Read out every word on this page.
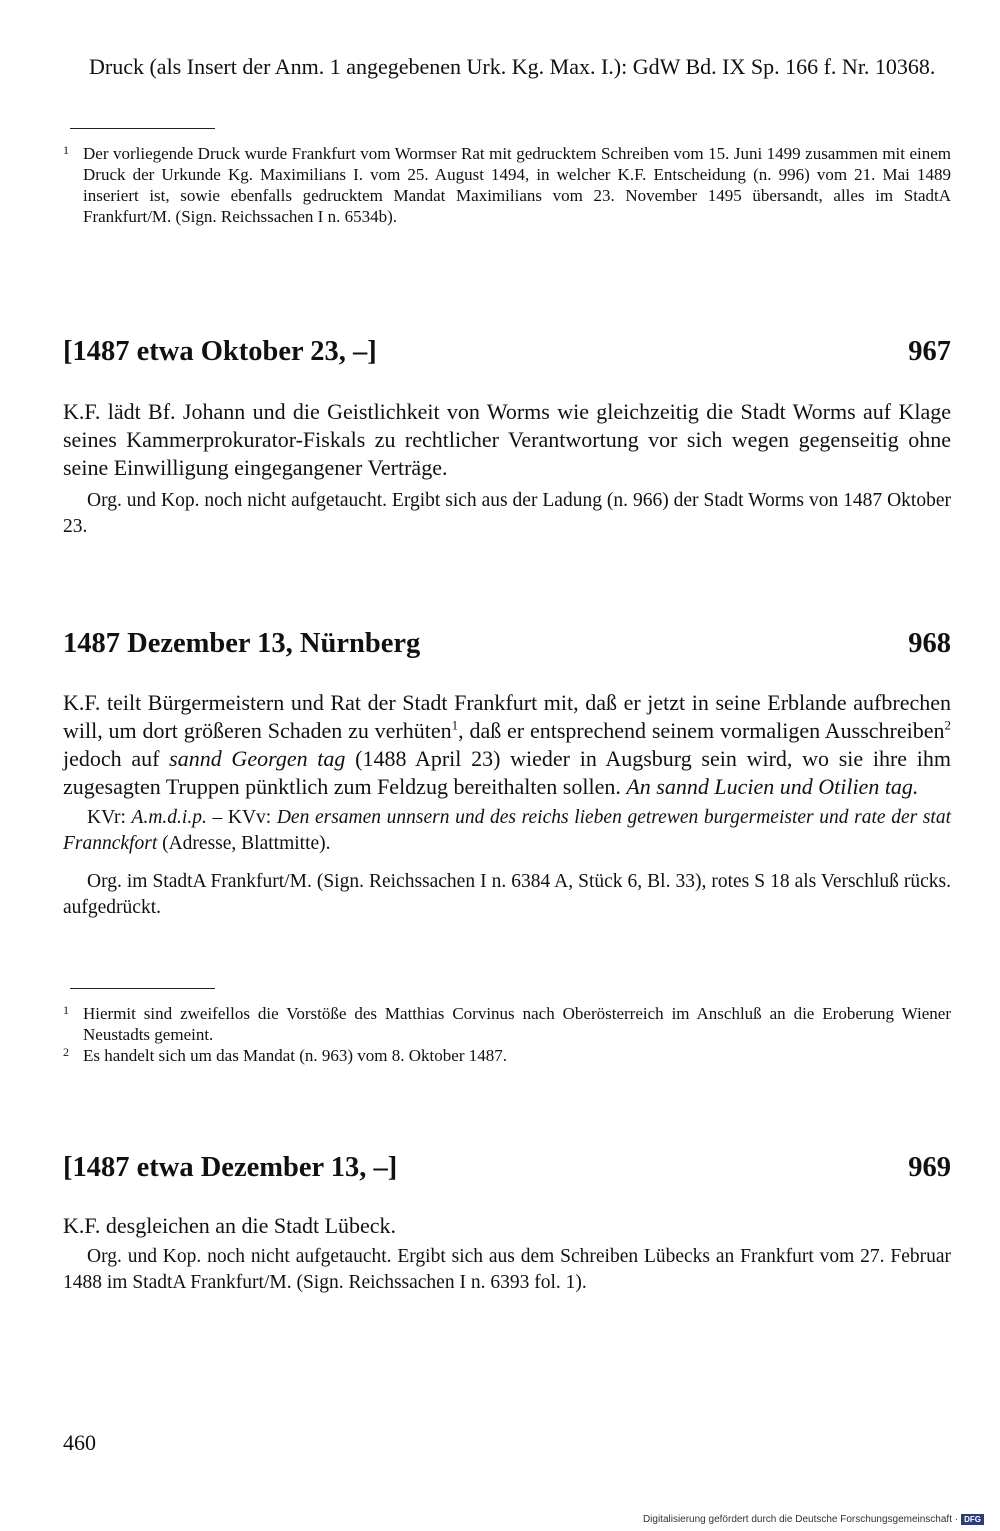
Druck (als Insert der Anm. 1 angegebenen Urk. Kg. Max. I.): GdW Bd. IX Sp. 166 f. Nr. 10368.

1 Der vorliegende Druck wurde Frankfurt vom Wormser Rat mit gedrucktem Schreiben vom 15. Juni 1499 zusammen mit einem Druck der Urkunde Kg. Maximilians I. vom 25. August 1494, in welcher K.F. Entscheidung (n. 996) vom 21. Mai 1489 inseriert ist, sowie ebenfalls gedrucktem Mandat Maximilians vom 23. November 1495 übersandt, alles im StadtA Frankfurt/M. (Sign. Reichssachen I n. 6534b).

[1487 etwa Oktober 23, –]	967

K.F. lädt Bf. Johann und die Geistlichkeit von Worms wie gleichzeitig die Stadt Worms auf Klage seines Kammerprokurator-Fiskals zu rechtlicher Verantwortung vor sich wegen gegenseitig ohne seine Einwilligung eingegangener Verträge.

Org. und Kop. noch nicht aufgetaucht. Ergibt sich aus der Ladung (n. 966) der Stadt Worms von 1487 Oktober 23.

1487 Dezember 13, Nürnberg	968

K.F. teilt Bürgermeistern und Rat der Stadt Frankfurt mit, daß er jetzt in seine Erblande aufbrechen will, um dort größeren Schaden zu verhüten$^1$, daß er entsprechend seinem vormaligen Ausschreiben$^2$ jedoch auf sannd Georgen tag (1488 April 23) wieder in Augsburg sein wird, wo sie ihre ihm zugesagten Truppen pünktlich zum Feldzug bereithalten sollen. An sannd Lucien und Otilien tag.

KVr: A.m.d.i.p. – KVv: Den ersamen unnsern und des reichs lieben getrewen burgermeister und rate der stat Frannckfort (Adresse, Blattmitte).

Org. im StadtA Frankfurt/M. (Sign. Reichssachen I n. 6384 A, Stück 6, Bl. 33), rotes S 18 als Verschluß rücks. aufgedrückt.

1 Hiermit sind zweifellos die Vorstöße des Matthias Corvinus nach Oberösterreich im Anschluß an die Eroberung Wiener Neustadts gemeint.

2 Es handelt sich um das Mandat (n. 963) vom 8. Oktober 1487.

[1487 etwa Dezember 13, –]	969

K.F. desgleichen an die Stadt Lübeck.

Org. und Kop. noch nicht aufgetaucht. Ergibt sich aus dem Schreiben Lübecks an Frankfurt vom 27. Februar 1488 im StadtA Frankfurt/M. (Sign. Reichssachen I n. 6393 fol. 1).

460
Digitalisierung gefördert durch die Deutsche Forschungsgemeinschaft · DFG
